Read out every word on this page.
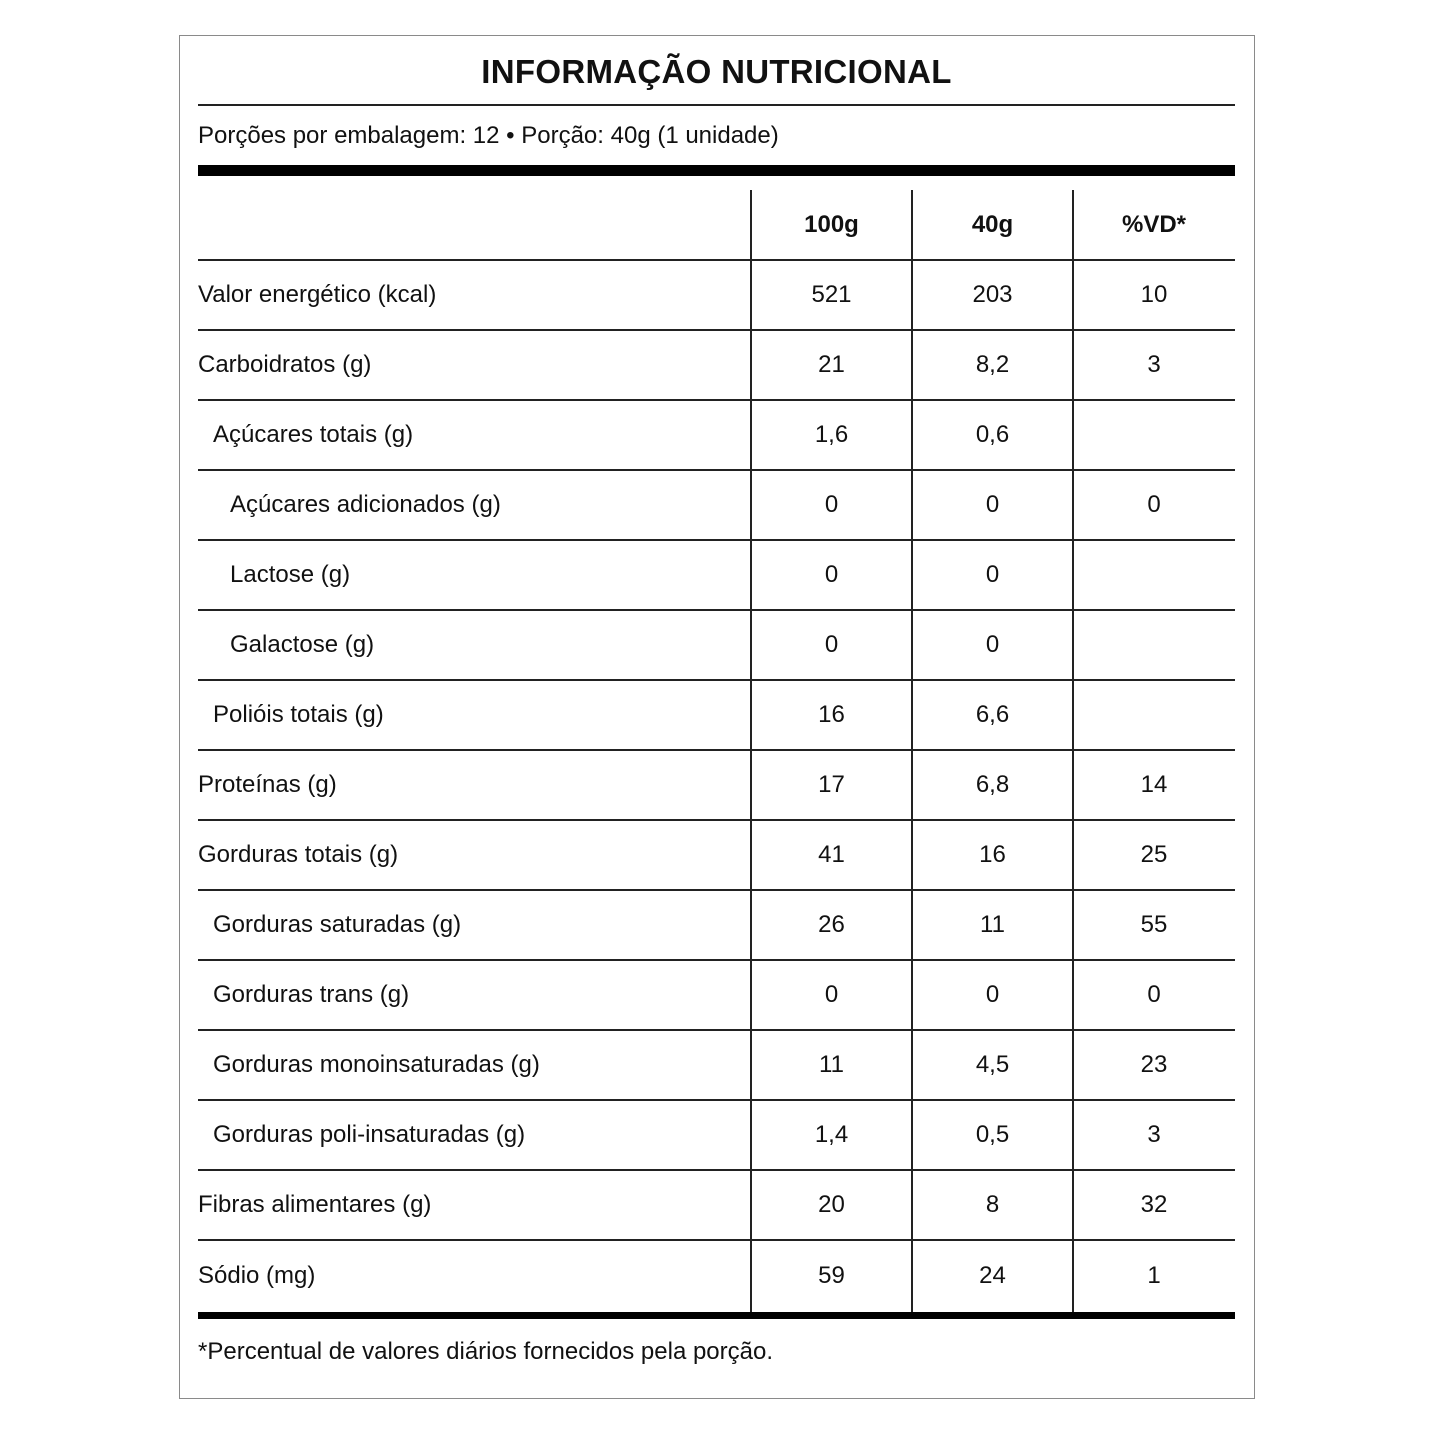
INFORMAÇÃO NUTRICIONAL
Porções por embalagem: 12 • Porção: 40g (1 unidade)
	100g	40g	%VD*
Valor energético (kcal)	521	203	10
Carboidratos (g)	21	8,2	3
Açúcares totais (g)	1,6	0,6	
Açúcares adicionados (g)	0	0	0
Lactose (g)	0	0	
Galactose (g)	0	0	
Polióis totais (g)	16	6,6	
Proteínas (g)	17	6,8	14
Gorduras totais (g)	41	16	25
Gorduras saturadas (g)	26	11	55
Gorduras trans (g)	0	0	0
Gorduras monoinsaturadas (g)	11	4,5	23
Gorduras poli-insaturadas (g)	1,4	0,5	3
Fibras alimentares (g)	20	8	32
Sódio (mg)	59	24	1
*Percentual de valores diários fornecidos pela porção.
